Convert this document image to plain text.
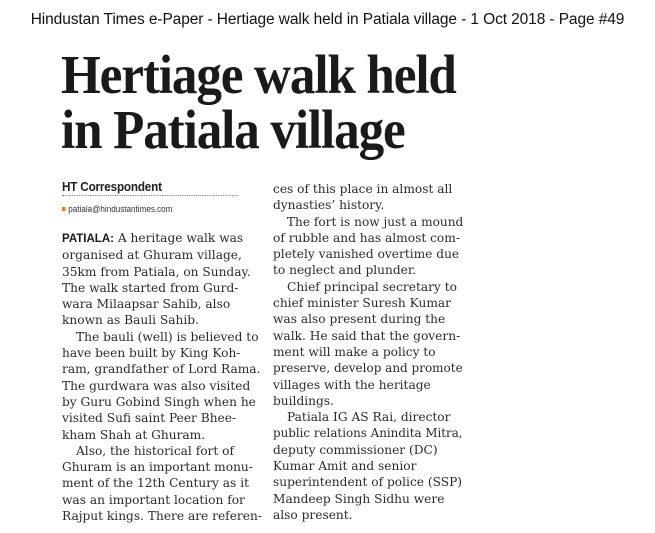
Hindustan Times e-Paper - Hertiage walk held in Patiala village - 1 Oct 2018 - Page #49
Hertiage walk held
in Patiala village
HT Correspondent
patiala@hindustantimes.com

PATIALA: A heritage walk was
organised at Ghuram village,
35km from Patiala, on Sunday.
The walk started from Gurd-
wara Milaapsar Sahib, also
known as Bauli Sahib.

The bauli (well) is believed to
have been built by King Koh-
ram, grandfather of Lord Rama.
The gurdwara was also visited
by Guru Gobind Singh when he
visited Sufi saint Peer Bhee-
kham Shah at Ghuram.

Also, the historical fort of
Ghuram is an important monu-
ment of the 12th Century as it
was an important location for
Rajput kings. There are referen-

ces of this place in almost all
dynasties’ history.

The fort is now just a mound
of rubble and has almost com-
pletely vanished overtime due
to neglect and plunder.

Chief principal secretary to
chief minister Suresh Kumar
was also present during the
walk. He said that the govern-
ment will make a policy to
preserve, develop and promote
villages with the heritage
buildings.

Patiala IG AS Rai, director
public relations Anindita Mitra,
deputy commissioner (DC)
Kumar Amit and senior
superintendent of police (SSP)
Mandeep Singh Sidhu were
also present.
